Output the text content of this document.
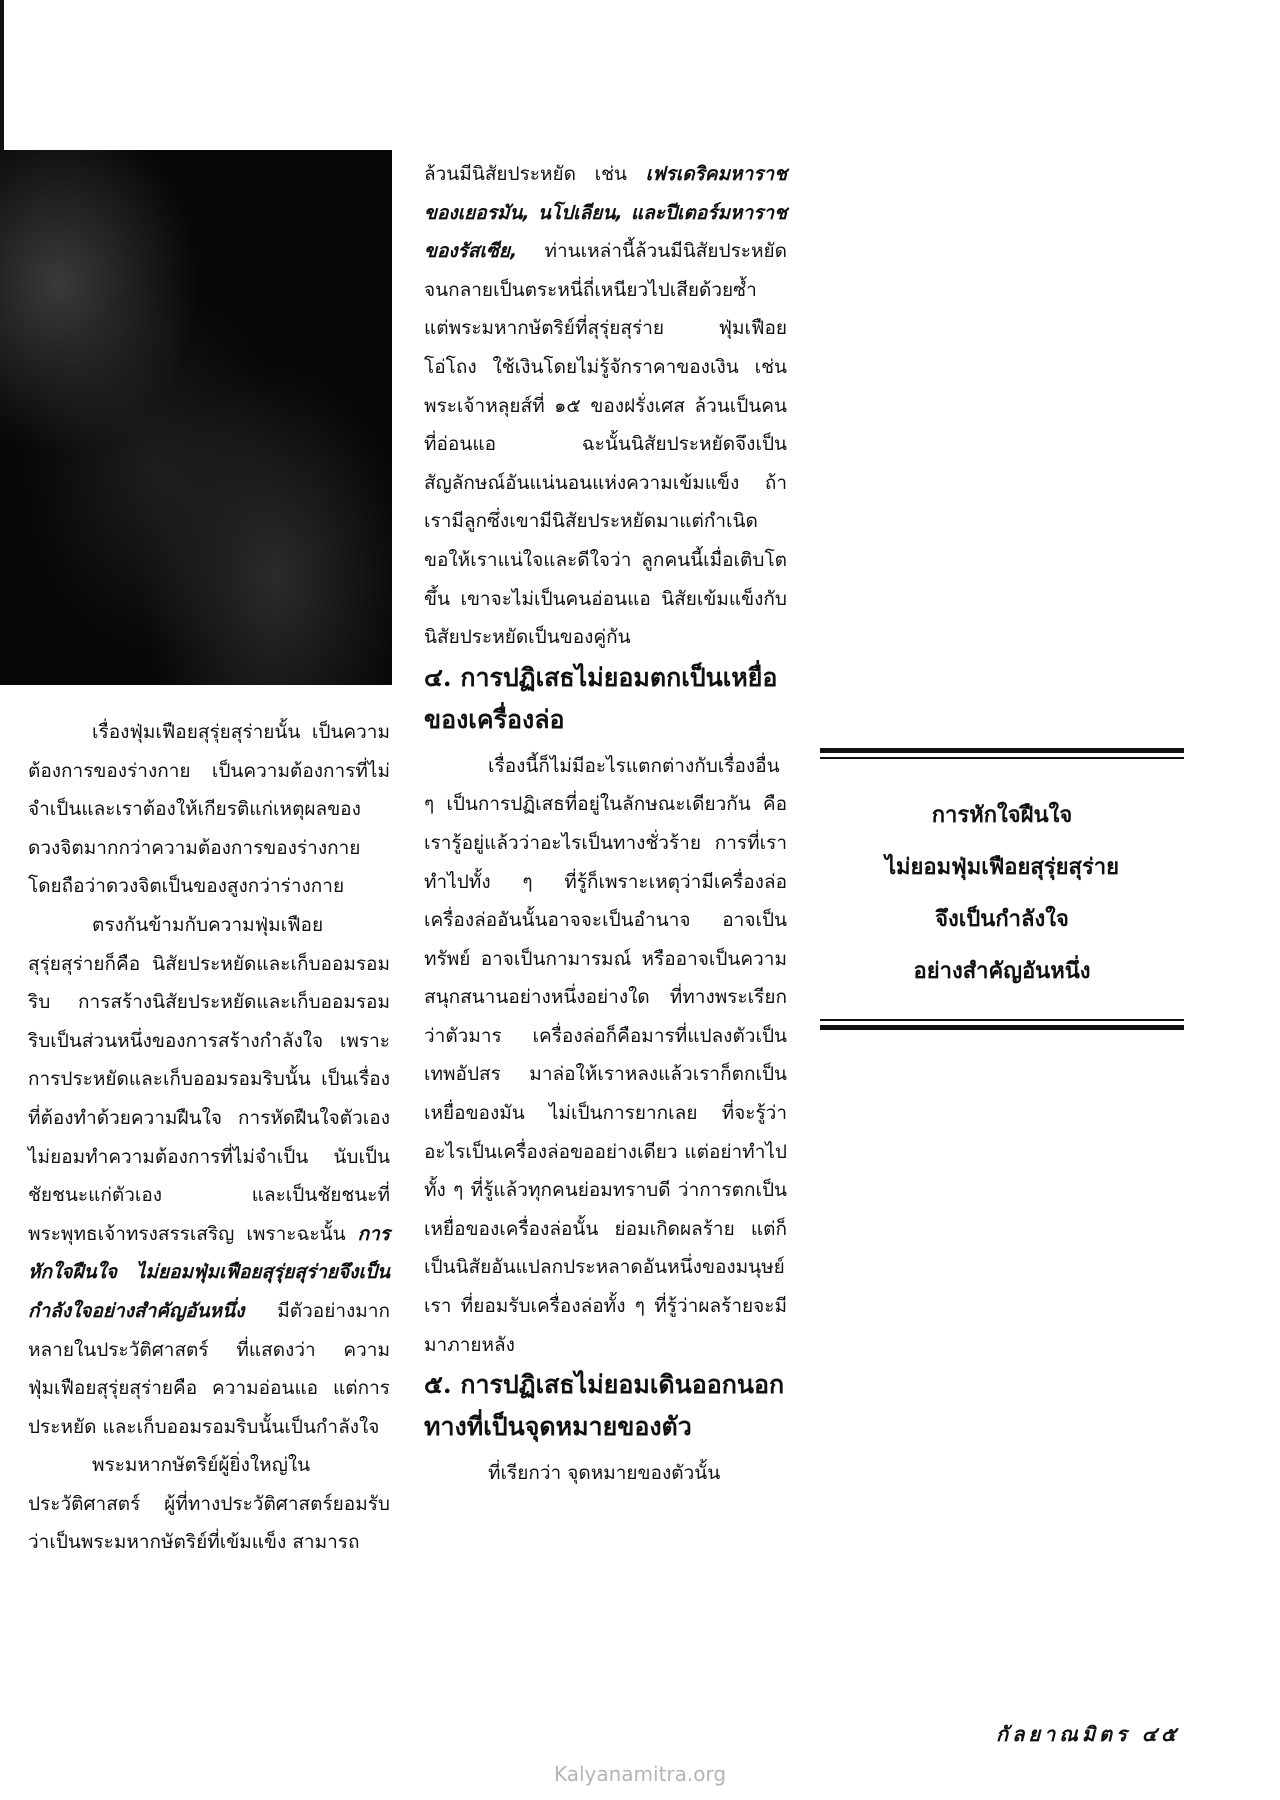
เรื่องฟุ่มเฟือยสุรุ่ยสุร่ายนั้น เป็นความต้องการของร่างกาย เป็นความต้องการที่ไม่จำเป็นและเราต้องให้เกียรติแก่เหตุผลของดวงจิตมากกว่าความต้องการของร่างกาย โดยถือว่าดวงจิตเป็นของสูงกว่าร่างกาย

ตรงกันข้ามกับความฟุ่มเฟือยสุรุ่ยสุร่ายก็คือ นิสัยประหยัดและเก็บออมรอมริบ การสร้างนิสัยประหยัดและเก็บออมรอมริบเป็นส่วนหนึ่งของการสร้างกำลังใจ เพราะการประหยัดและเก็บออมรอมริบนั้น เป็นเรื่องที่ต้องทำด้วยความฝืนใจ การหัดฝืนใจตัวเองไม่ยอมทำความต้องการที่ไม่จำเป็น นับเป็นชัยชนะแก่ตัวเอง และเป็นชัยชนะที่พระพุทธเจ้าทรงสรรเสริญ เพราะฉะนั้น การหักใจฝืนใจ ไม่ยอมฟุ่มเฟือยสุรุ่ยสุร่ายจึงเป็นกำลังใจอย่างสำคัญอันหนึ่ง มีตัวอย่างมากหลายในประวัติศาสตร์ ที่แสดงว่า ความฟุ่มเฟือยสุรุ่ยสุร่ายคือ ความอ่อนแอ แต่การประหยัด และเก็บออมรอมริบนั้นเป็นกำลังใจ

พระมหากษัตริย์ผู้ยิ่งใหญ่ในประวัติศาสตร์ ผู้ที่ทางประวัติศาสตร์ยอมรับว่าเป็นพระมหากษัตริย์ที่เข้มแข็ง สามารถ

ล้วนมีนิสัยประหยัด เช่น เฟรเดริคมหาราชของเยอรมัน, นโปเลียน, และปีเตอร์มหาราชของรัสเซีย, ท่านเหล่านี้ล้วนมีนิสัยประหยัด จนกลายเป็นตระหนี่ถี่เหนียวไปเสียด้วยซ้ำ แต่พระมหากษัตริย์ที่สุรุ่ยสุร่าย ฟุ่มเฟือยโอ่โถง ใช้เงินโดยไม่รู้จักราคาของเงิน เช่น พระเจ้าหลุยส์ที่ ๑๕ ของฝรั่งเศส ล้วนเป็นคนที่อ่อนแอ ฉะนั้นนิสัยประหยัดจึงเป็นสัญลักษณ์อันแน่นอนแห่งความเข้มแข็ง ถ้าเรามีลูกซึ่งเขามีนิสัยประหยัดมาแต่กำเนิด ขอให้เราแน่ใจและดีใจว่า ลูกคนนี้เมื่อเติบโตขึ้น เขาจะไม่เป็นคนอ่อนแอ นิสัยเข้มแข็งกับนิสัยประหยัดเป็นของคู่กัน

๔. การปฏิเสธไม่ยอมตกเป็นเหยื่อของเครื่องล่อ

เรื่องนี้ก็ไม่มีอะไรแตกต่างกับเรื่องอื่น ๆ เป็นการปฏิเสธที่อยู่ในลักษณะเดียวกัน คือเรารู้อยู่แล้วว่าอะไรเป็นทางชั่วร้าย การที่เราทำไปทั้ง ๆ ที่รู้ก็เพราะเหตุว่ามีเครื่องล่อ เครื่องล่ออันนั้นอาจจะเป็นอำนาจ อาจเป็นทรัพย์ อาจเป็นกามารมณ์ หรืออาจเป็นความสนุกสนานอย่างหนึ่งอย่างใด ที่ทางพระเรียกว่าตัวมาร เครื่องล่อก็คือมารที่แปลงตัวเป็นเทพอัปสร มาล่อให้เราหลงแล้วเราก็ตกเป็นเหยื่อของมัน ไม่เป็นการยากเลย ที่จะรู้ว่าอะไรเป็นเครื่องล่อขออย่างเดียว แต่อย่าทำไปทั้ง ๆ ที่รู้แล้วทุกคนย่อมทราบดี ว่าการตกเป็นเหยื่อของเครื่องล่อนั้น ย่อมเกิดผลร้าย แต่ก็เป็นนิสัยอันแปลกประหลาดอันหนึ่งของมนุษย์เรา ที่ยอมรับเครื่องล่อทั้ง ๆ ที่รู้ว่าผลร้ายจะมีมาภายหลัง

๕. การปฏิเสธไม่ยอมเดินออกนอกทางที่เป็นจุดหมายของตัว

ที่เรียกว่า จุดหมายของตัวนั้น

การหักใจฝืนใจ
ไม่ยอมฟุ่มเฟือยสุรุ่ยสุร่าย
จึงเป็นกำลังใจ
อย่างสำคัญอันหนึ่ง
กัลยาณมิตร ๔๕
Kalyanamitra.org
